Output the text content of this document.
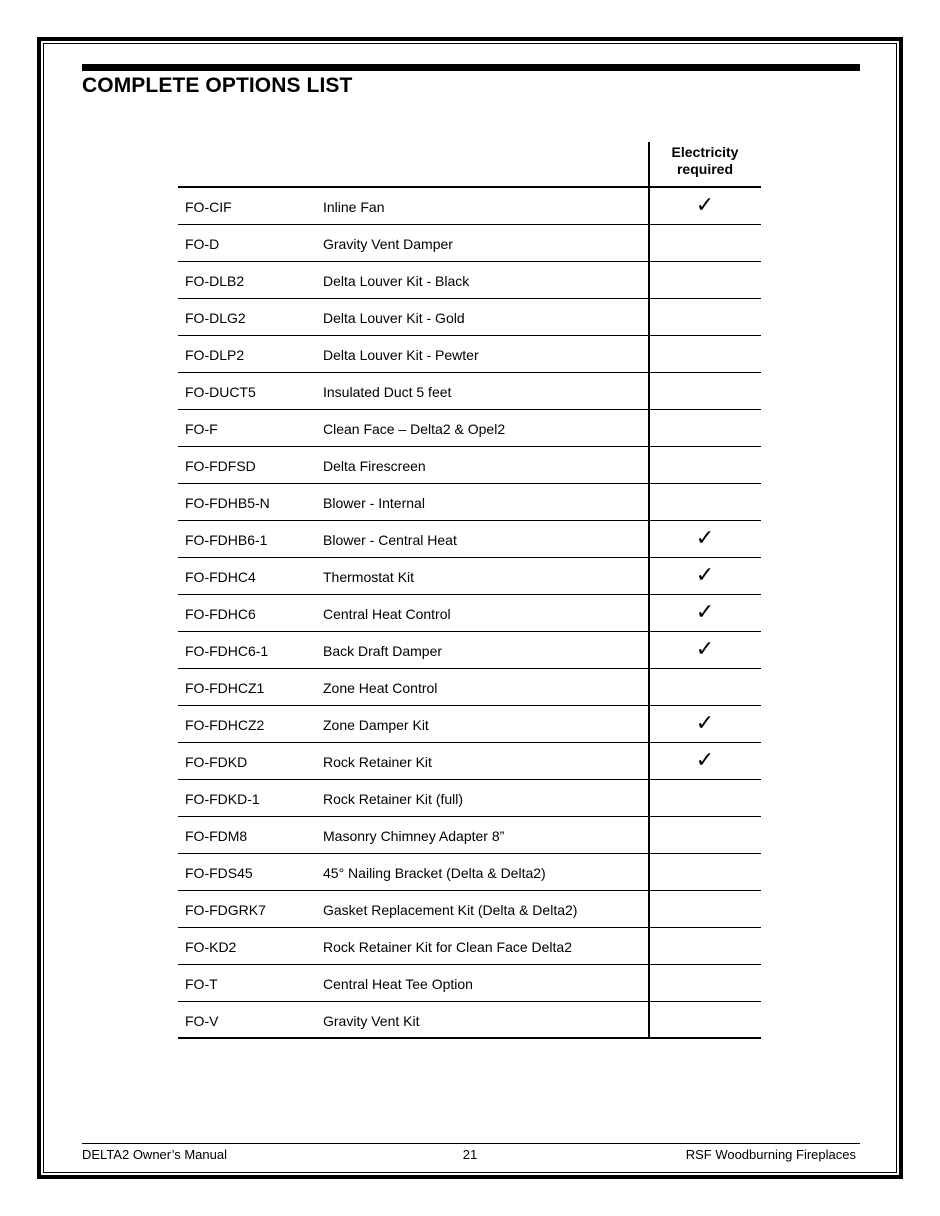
COMPLETE OPTIONS LIST
Electricity required
FO-CIF	Inline Fan	✓
FO-D	Gravity Vent Damper
FO-DLB2	Delta Louver Kit - Black
FO-DLG2	Delta Louver Kit - Gold
FO-DLP2	Delta Louver Kit - Pewter
FO-DUCT5	Insulated Duct 5 feet
FO-F	Clean Face – Delta2 & Opel2
FO-FDFSD	Delta Firescreen
FO-FDHB5-N	Blower - Internal
FO-FDHB6-1	Blower - Central Heat	✓
FO-FDHC4	Thermostat Kit	✓
FO-FDHC6	Central Heat Control	✓
FO-FDHC6-1	Back Draft Damper	✓
FO-FDHCZ1	Zone Heat Control
FO-FDHCZ2	Zone Damper Kit	✓
FO-FDKD	Rock Retainer Kit	✓
FO-FDKD-1	Rock Retainer Kit (full)
FO-FDM8	Masonry Chimney Adapter 8”
FO-FDS45	45° Nailing Bracket (Delta & Delta2)
FO-FDGRK7	Gasket Replacement Kit (Delta & Delta2)
FO-KD2	Rock Retainer Kit for Clean Face Delta2
FO-T	Central Heat Tee Option
FO-V	Gravity Vent Kit
DELTA2 Owner’s Manual	21	RSF Woodburning Fireplaces
